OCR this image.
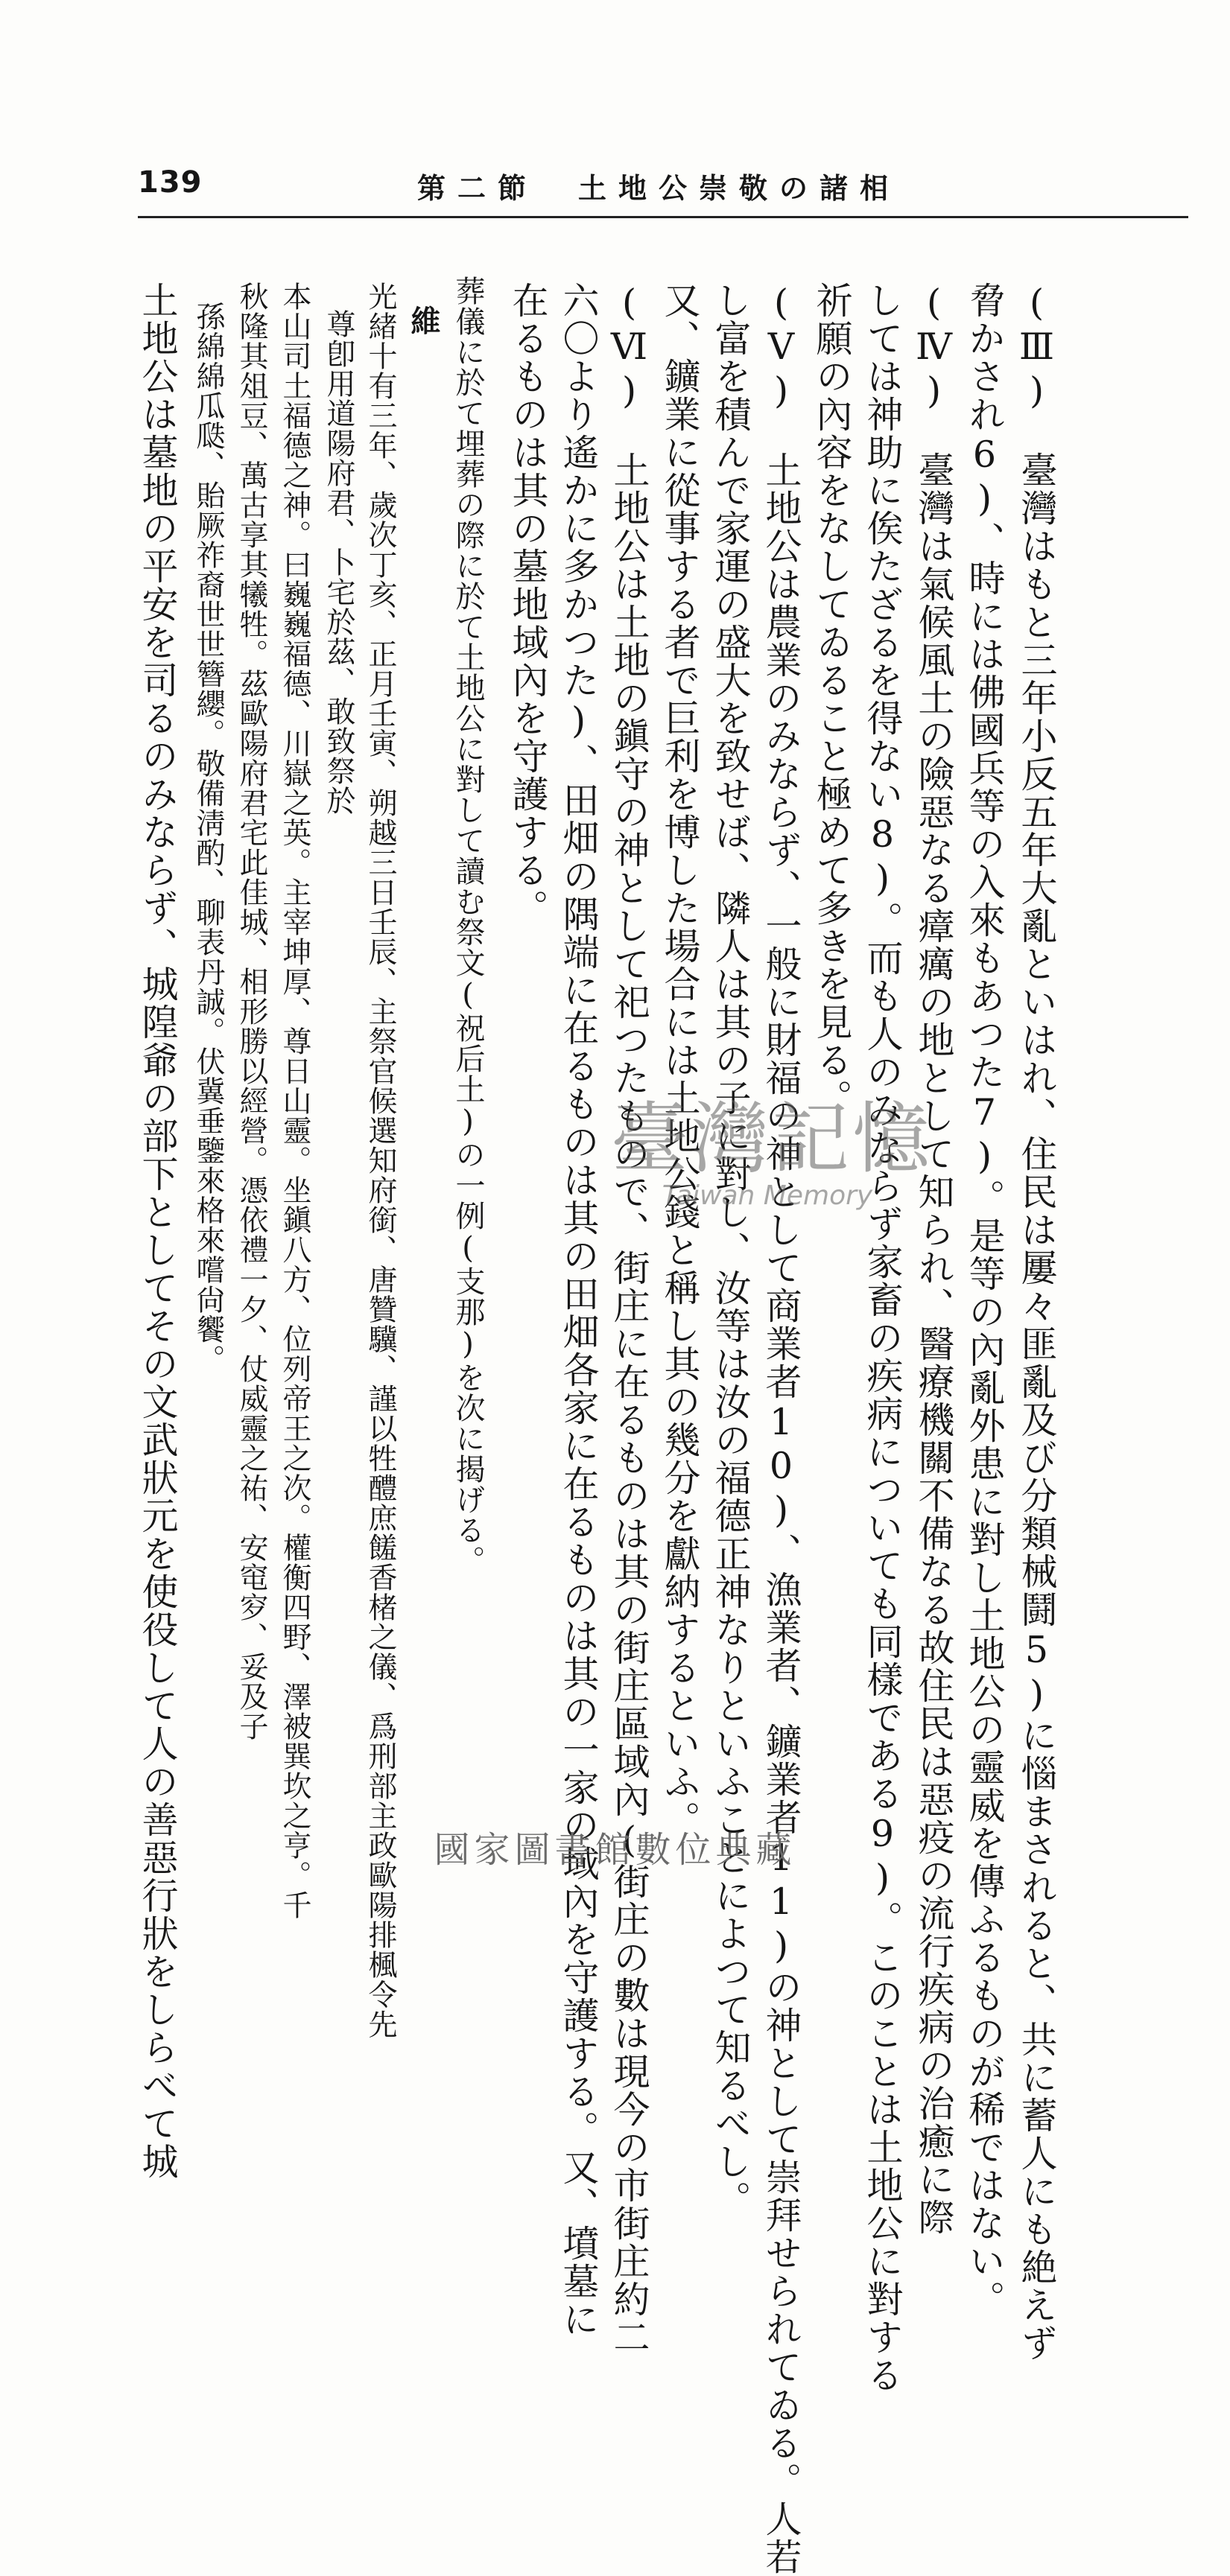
139	第二節　土地公崇敬の諸相
(Ⅲ)　臺灣はもと三年小反五年大亂といはれ、住民は屢々匪亂及び分類械鬪5)に惱まされると、共に蓄人にも絶えず
脅かされ6)、時には佛國兵等の入來もあつた7)。是等の內亂外患に對し土地公の靈威を傳ふるものが稀ではない。
(Ⅳ)　臺灣は氣候風土の險惡なる瘴癘の地として知られ、醫療機關不備なる故住民は惡疫の流行疾病の治癒に際
しては神助に俟たざるを得ない8)。而も人のみならず家畜の疾病についても同樣である9)。このことは土地公に對する
祈願の內容をなしてゐること極めて多きを見る。
(Ⅴ)　土地公は農業のみならず、一般に財福の神として商業者10)、漁業者、鑛業者11)の神として崇拜せられてゐる。人若
し富を積んで家運の盛大を致せば、隣人は其の子に對し、汝等は汝の福德正神なりといふことによつて知るべし。
又、鑛業に從事する者で巨利を博した場合には土地公錢と稱し其の幾分を獻納するといふ。
(Ⅵ)　土地公は土地の鎭守の神として祀つたもので、街庄に在るものは其の街庄區域內(街庄の數は現今の市街庄約二
六〇より遙かに多かつた)、田畑の隅端に在るものは其の田畑各家に在るものは其の一家の域內を守護する。又、墳墓に
在るものは其の墓地域內を守護する。
葬儀に於て埋葬の際に於て土地公に對して讀む祭文(祝后土)の一例(支那)を次に揭げる。
維
光緒十有三年、歲次丁亥、正月壬寅、朔越三日壬辰、主祭官候選知府銜、唐贊驥、謹以牲醴庶饈香楮之儀、爲刑部主政歐陽排楓令先
尊卽用道陽府君、卜宅於茲、敢致祭於
本山司土福德之神。曰巍巍福德、川嶽之英。主宰坤厚、尊日山靈。坐鎭八方、位列帝王之次。權衡四野、澤被巽坎之亨。千
秋隆其俎豆、萬古享其犧牲。茲歐陽府君宅此佳城、相形勝以經營。憑依禮一夕、仗威靈之祐、安窀穸、妥及子
孫綿綿瓜瓞、貽厥祚裔世世簪纓。敬備淸酌、聊表丹誠。伏冀垂鑒來格來嚐尙饗。
土地公は墓地の平安を司るのみならず、城隍爺の部下としてその文武狀元を使役して人の善惡行狀をしらべて城	臺灣記憶
Taiwan Memory
國家圖書館數位典藏
